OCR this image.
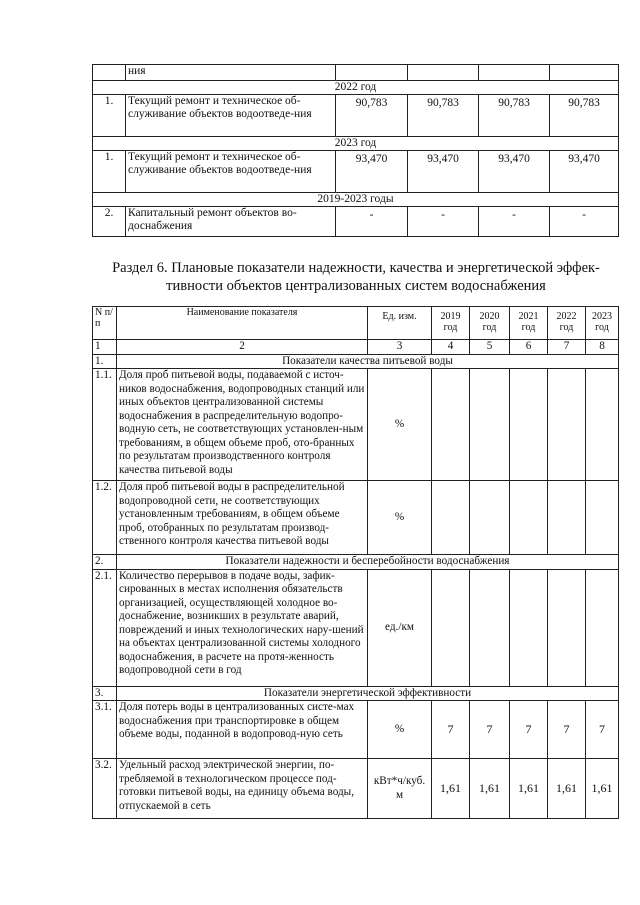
	ния				
2022 год					
1.	Текущий ремонт и техническое об-служивание объектов водоотведе-ния	90,783	90,783	90,783	90,783
2023 год					
1.	Текущий ремонт и техническое об-служивание объектов водоотведе-ния	93,470	93,470	93,470	93,470
2019-2023 годы					
2.	Капитальный ремонт объектов во-доснабжения	-	-	-	-
Раздел 6. Плановые показатели надежности, качества и энергетической эффек-тивности объектов централизованных систем водоснабжения
N п/п	Наименование показателя	Ед. изм.	2019 год	2020 год	2021 год	2022 год	2023 год
1	2	3	4	5	6	7	8
1.	Показатели качества питьевой воды						
1.1.	Доля проб питьевой воды, подаваемой с источ-ников водоснабжения, водопроводных станций или иных объектов централизованной системы водоснабжения в распределительную водопро-водную сеть, не соответствующих установлен-ным требованиям, в общем объеме проб, ото-бранных по результатам производственного контроля качества питьевой воды	%					
1.2.	Доля проб питьевой воды в распределительной водопроводной сети, не соответствующих установленным требованиям, в общем объеме проб, отобранных по результатам производ-ственного контроля качества питьевой воды	%					
2.	Показатели надежности и бесперебойности водоснабжения						
2.1.	Количество перерывов в подаче воды, зафик-сированных в местах исполнения обязательств организацией, осуществляющей холодное во-доснабжение, возникших в результате аварий, повреждений и иных технологических нару-шений на объектах централизованной системы холодного водоснабжения, в расчете на протя-женность водопроводной сети в год	ед./км					
3.	Показатели энергетической эффективности						
3.1.	Доля потерь воды в централизованных систе-мах водоснабжения при транспортировке в общем объеме воды, поданной в водопровод-ную сеть	%	7	7	7	7	7
3.2.	Удельный расход электрической энергии, по-требляемой в технологическом процессе под-готовки питьевой воды, на единицу объема воды, отпускаемой в сеть	кВт*ч/куб. м	1,61	1,61	1,61	1,61	1,61
